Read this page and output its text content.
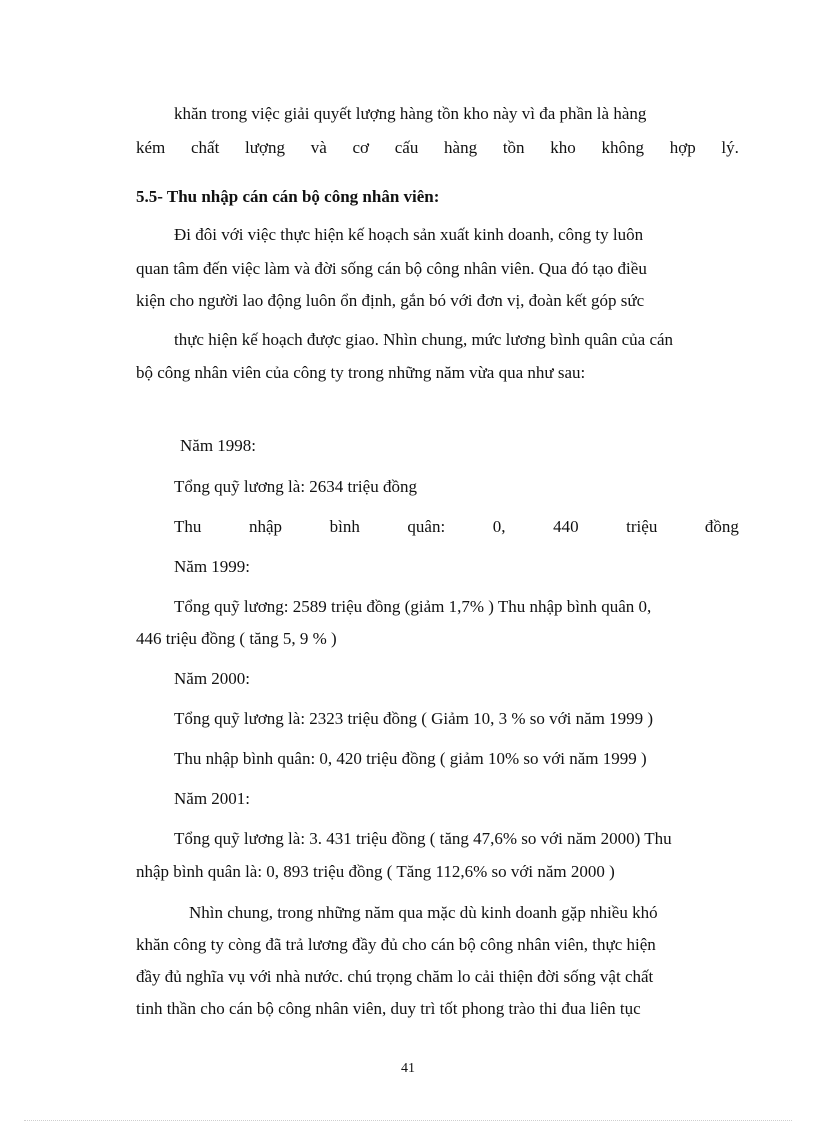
khăn trong việc giải quyết lượng hàng tồn kho này vì đa phần là hàng
kém chất lượng và cơ cấu hàng tồn kho không hợp lý.
5.5- Thu nhập cán cán bộ công nhân viên:
Đi đôi với việc thực hiện kế hoạch sản xuất kinh doanh, công ty luôn
quan tâm đến việc làm và đời sống cán bộ công nhân viên. Qua đó tạo điều
kiện cho người lao động luôn ổn định, gắn bó với đơn vị, đoàn kết góp sức
thực hiện kế hoạch được giao. Nhìn chung, mức lương bình quân của cán
bộ công nhân viên của công ty trong những năm vừa qua như sau:
Năm 1998:
Tổng quỹ lương là: 2634 triệu đồng
Thu	nhập	bình	quân:	0,	440	triệu	đồng
Năm 1999:
Tổng quỹ lương: 2589 triệu đồng (giảm 1,7% ) Thu nhập bình quân 0,
446 triệu đồng ( tăng 5, 9 % )
Năm 2000:
Tổng quỹ lương là: 2323 triệu đồng ( Giảm 10, 3 % so với năm 1999 )
Thu nhập bình quân: 0, 420 triệu đồng ( giảm 10% so với năm 1999 )
Năm 2001:
Tổng quỹ lương là: 3. 431 triệu đồng ( tăng 47,6% so với năm 2000) Thu
nhập bình quân là: 0, 893 triệu đồng ( Tăng 112,6% so với năm 2000 )
Nhìn chung, trong những năm qua mặc dù kinh doanh gặp nhiều khó
khăn công ty còng đã trả lương đầy đủ cho cán bộ công nhân viên, thực hiện
đầy đủ nghĩa vụ với nhà nước. chú trọng chăm lo cải thiện đời sống vật chất
tinh thần cho cán bộ công nhân viên, duy trì tốt phong trào thi đua liên tục
41
